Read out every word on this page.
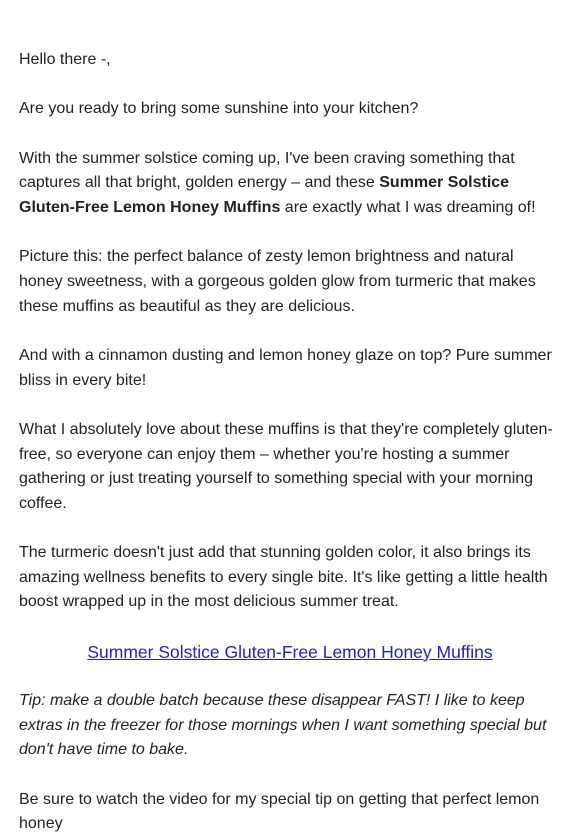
Hello there -,

Are you ready to bring some sunshine into your kitchen?

With the summer solstice coming up, I've been craving something that captures all that bright, golden energy – and these Summer Solstice Gluten-Free Lemon Honey Muffins are exactly what I was dreaming of!

Picture this: the perfect balance of zesty lemon brightness and natural honey sweetness, with a gorgeous golden glow from turmeric that makes these muffins as beautiful as they are delicious.

And with a cinnamon dusting and lemon honey glaze on top? Pure summer bliss in every bite!

What I absolutely love about these muffins is that they're completely gluten-free, so everyone can enjoy them – whether you're hosting a summer gathering or just treating yourself to something special with your morning coffee.

The turmeric doesn't just add that stunning golden color, it also brings its amazing wellness benefits to every single bite. It's like getting a little health boost wrapped up in the most delicious summer treat.

Summer Solstice Gluten-Free Lemon Honey Muffins

Tip: make a double batch because these disappear FAST! I like to keep extras in the freezer for those mornings when I want something special but don't have time to bake.

Be sure to watch the video for my special tip on getting that perfect lemon honey
